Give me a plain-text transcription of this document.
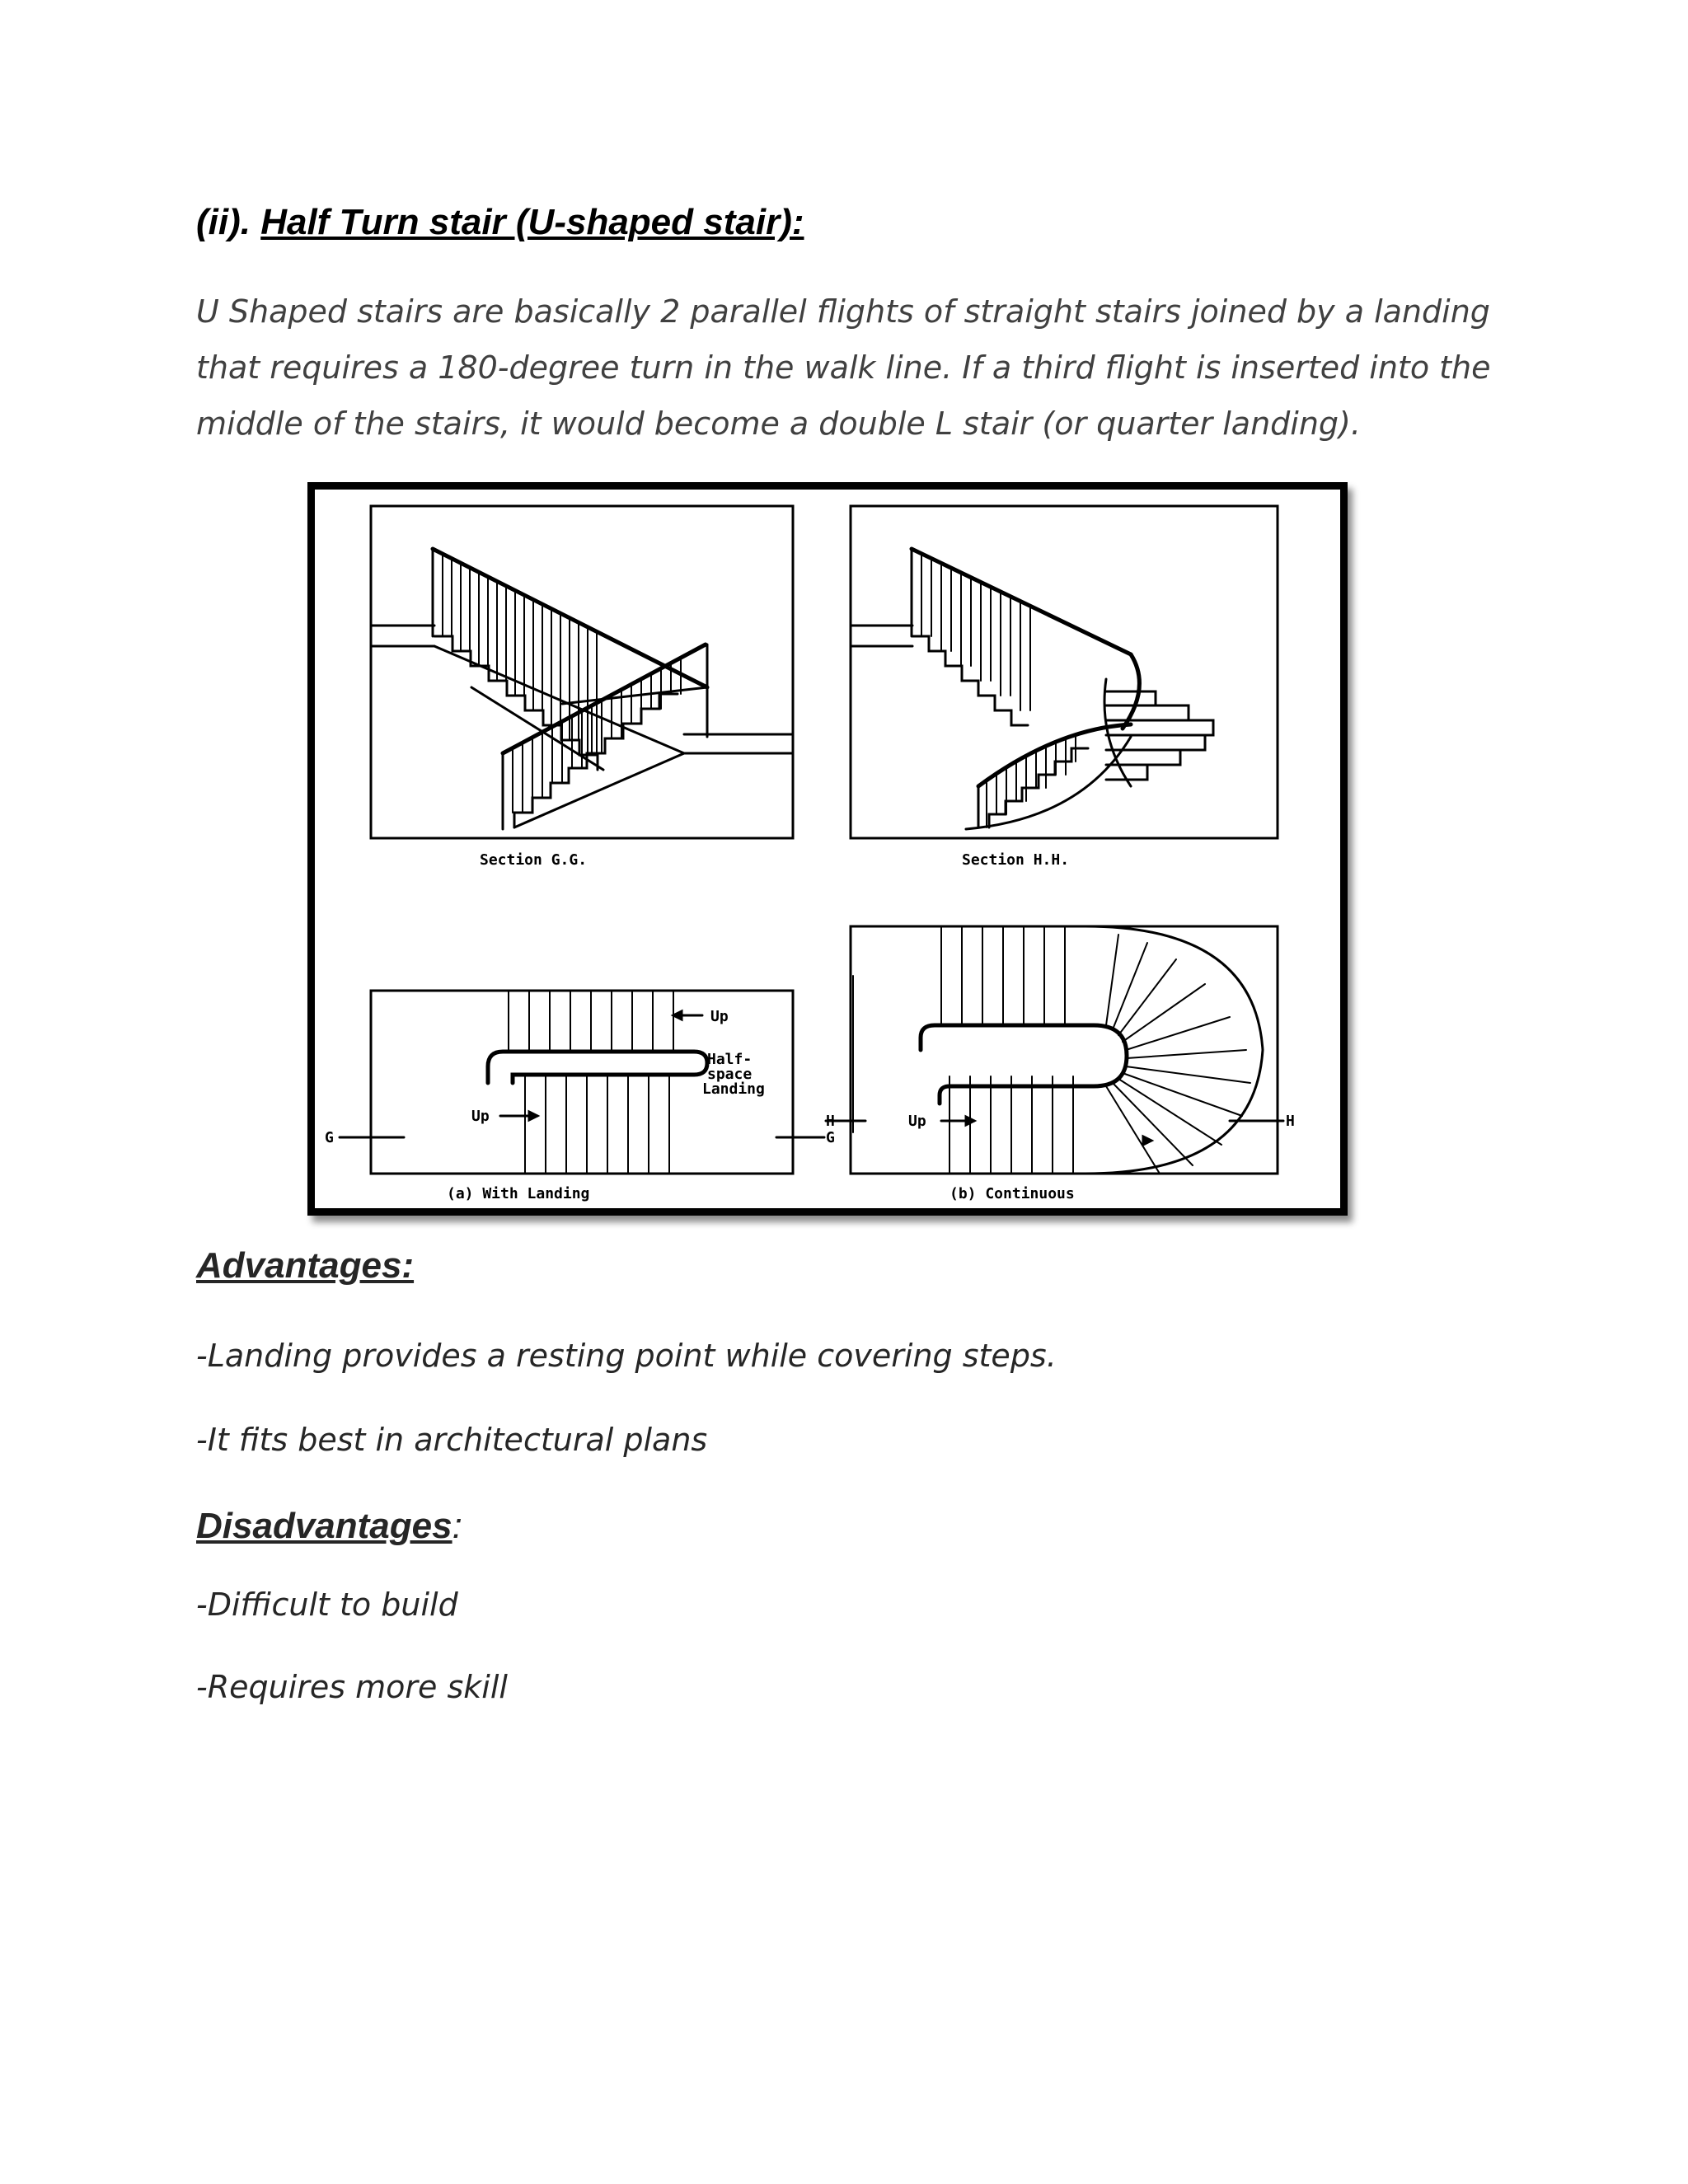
(ii). Half Turn stair (U-shaped stair):

U Shaped stairs are basically 2 parallel flights of straight stairs joined by a landing that requires a 180-degree turn in the walk line. If a third flight is inserted into the middle of the stairs, it would become a double L stair (or quarter landing).

Section G.G.	Section H.H.
Up
Half-
space
Landing
Up
G	G
H	H
Up
(a) With Landing	(b) Continuous
Advantages:
-Landing provides a resting point while covering steps.
-It fits best in architectural plans
Disadvantages:
-Difficult to build
-Requires more skill
